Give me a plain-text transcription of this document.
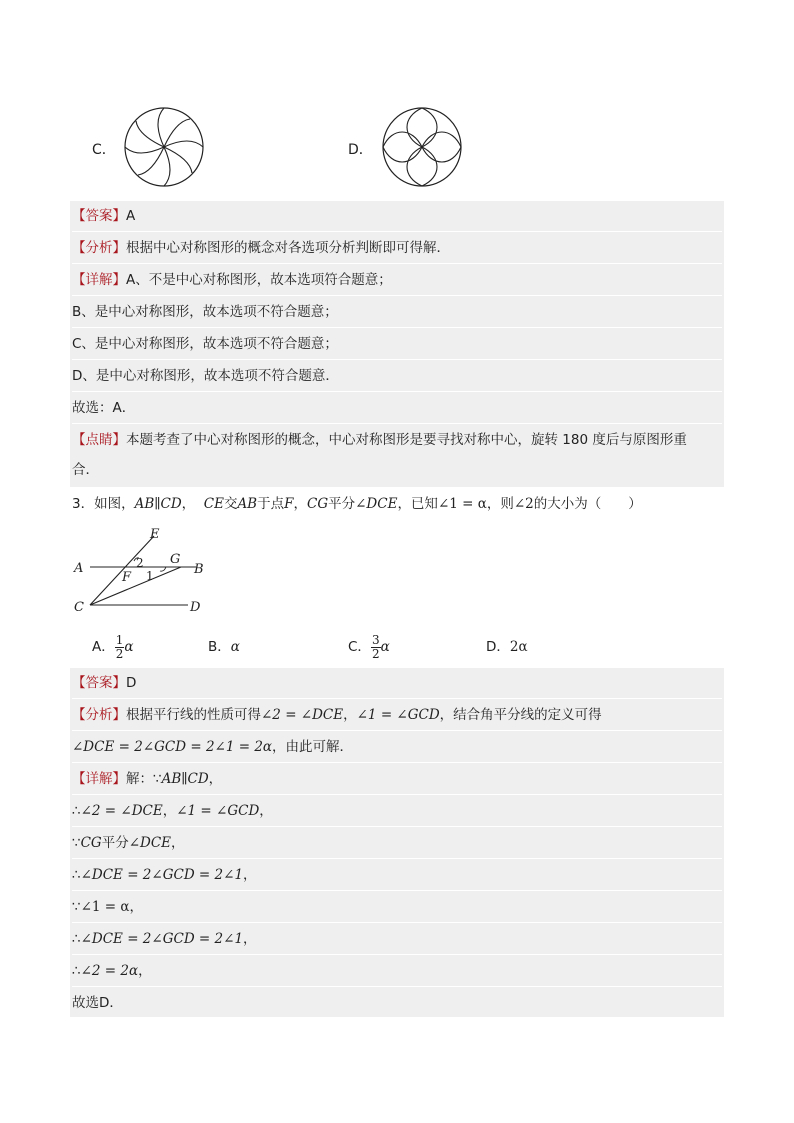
C．	D．
【答案】A
【分析】根据中心对称图形的概念对各选项分析判断即可得解．
【详解】A、不是中心对称图形，故本选项符合题意；
B、是中心对称图形，故本选项不符合题意；
C、是中心对称图形，故本选项不符合题意；
D、是中心对称图形，故本选项不符合题意．
故选：A．
【点睛】本题考查了中心对称图形的概念，中心对称图形是要寻找对称中心，旋转 180 度后与原图形重
合．
3．如图，AB∥CD， CE交AB于点F，CG平分∠DCE，已知∠1 = α，则∠2的大小为（　　）
E
A	B
C	D
F
G
1
2
A． $\frac{1}{2}$ α	B．α	C． $\frac{3}{2}$ α	D．2α
【答案】D
【分析】根据平行线的性质可得∠2 = ∠DCE，∠1 = ∠GCD，结合角平分线的定义可得
∠DCE = 2∠GCD = 2∠1 = 2α，由此可解．
【详解】解：∵AB∥CD，
∴∠2 = ∠DCE，∠1 = ∠GCD，
∵CG平分∠DCE，
∴∠DCE = 2∠GCD = 2∠1，
∵∠1 = α，
∴∠DCE = 2∠GCD = 2∠1，
∴∠2 = 2α，
故选D．
